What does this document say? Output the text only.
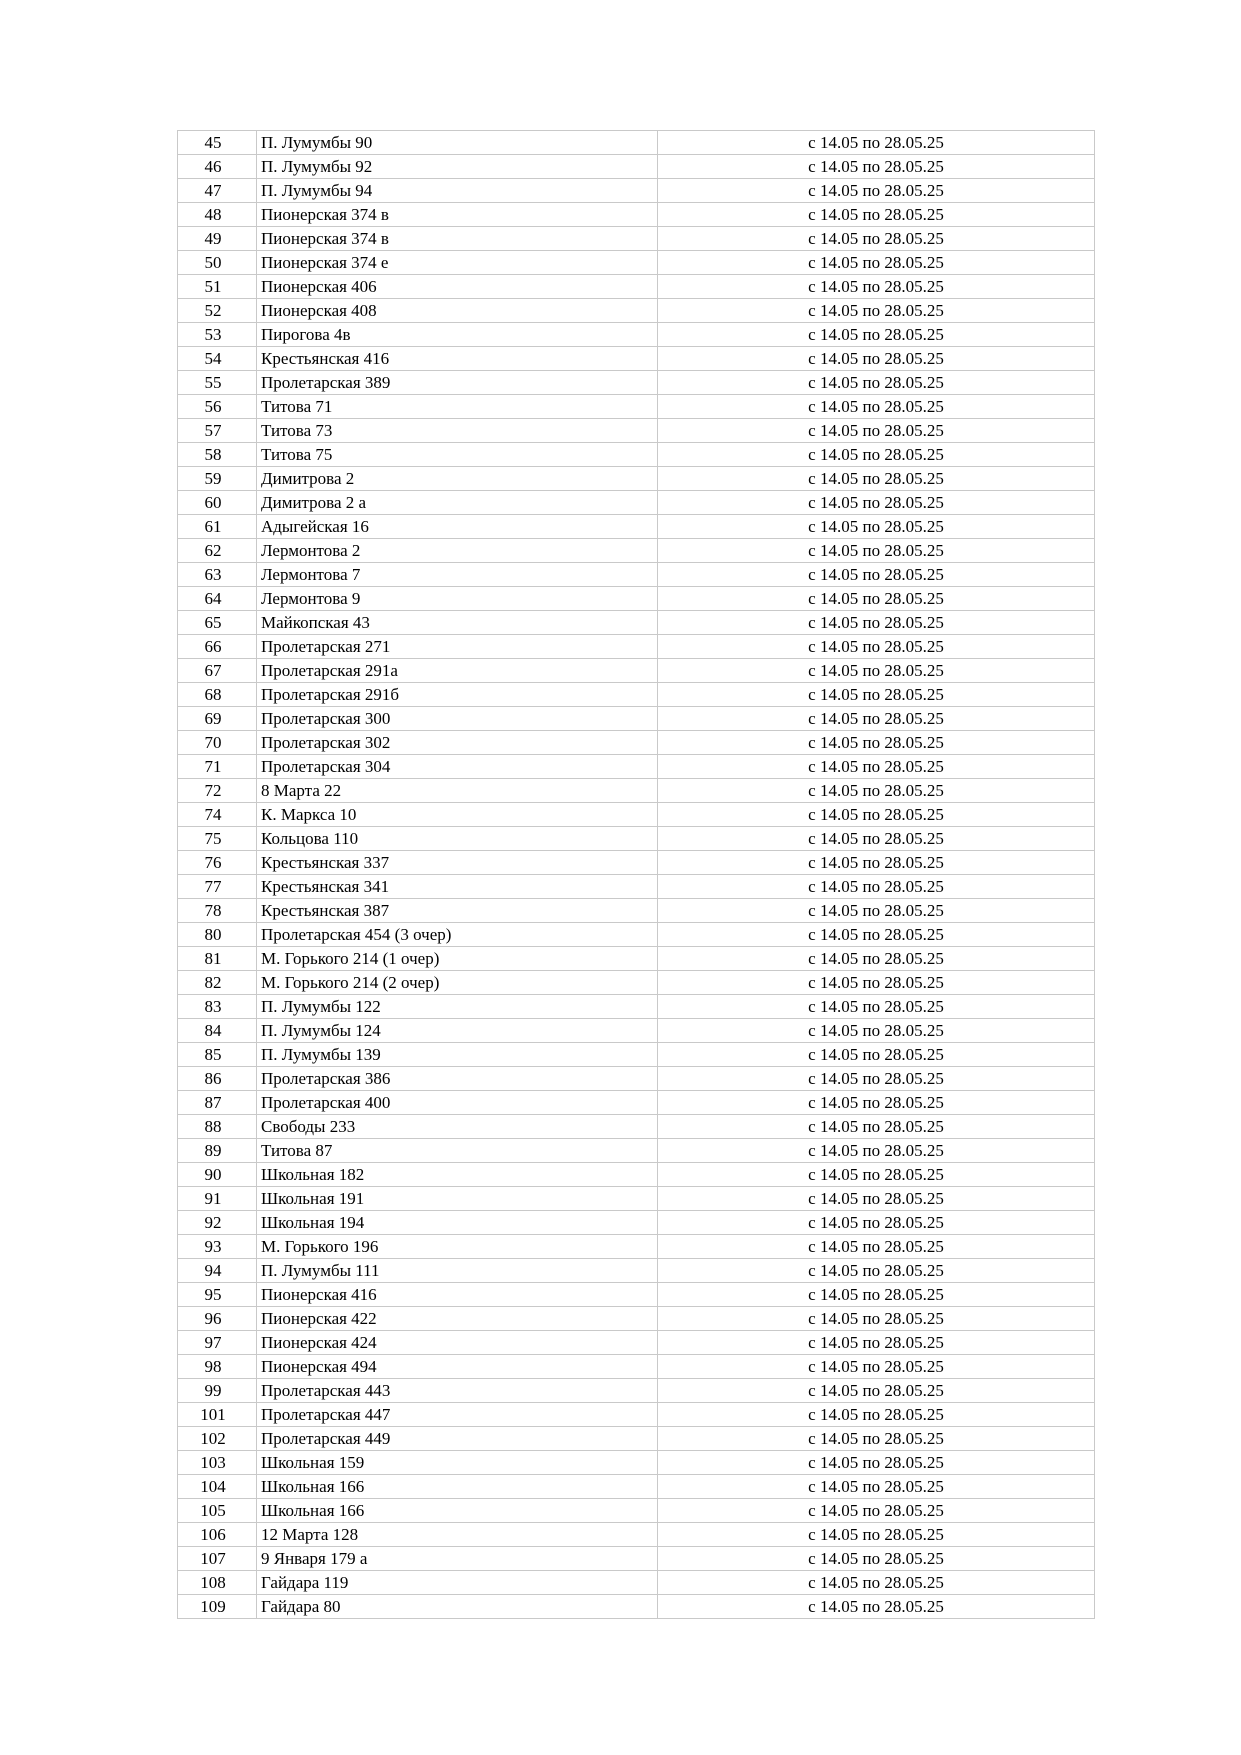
45	П. Лумумбы 90	с 14.05 по 28.05.25
46	П. Лумумбы 92	с 14.05 по 28.05.25
47	П. Лумумбы 94	с 14.05 по 28.05.25
48	Пионерская 374 в	с 14.05 по 28.05.25
49	Пионерская 374 в	с 14.05 по 28.05.25
50	Пионерская 374 е	с 14.05 по 28.05.25
51	Пионерская 406	с 14.05 по 28.05.25
52	Пионерская 408	с 14.05 по 28.05.25
53	Пирогова 4в	с 14.05 по 28.05.25
54	Крестьянская 416	с 14.05 по 28.05.25
55	Пролетарская 389	с 14.05 по 28.05.25
56	Титова 71	с 14.05 по 28.05.25
57	Титова 73	с 14.05 по 28.05.25
58	Титова 75	с 14.05 по 28.05.25
59	Димитрова 2	с 14.05 по 28.05.25
60	Димитрова 2 а	с 14.05 по 28.05.25
61	Адыгейская 16	с 14.05 по 28.05.25
62	Лермонтова 2	с 14.05 по 28.05.25
63	Лермонтова 7	с 14.05 по 28.05.25
64	Лермонтова 9	с 14.05 по 28.05.25
65	Майкопская 43	с 14.05 по 28.05.25
66	Пролетарская 271	с 14.05 по 28.05.25
67	Пролетарская 291а	с 14.05 по 28.05.25
68	Пролетарская 291б	с 14.05 по 28.05.25
69	Пролетарская 300	с 14.05 по 28.05.25
70	Пролетарская 302	с 14.05 по 28.05.25
71	Пролетарская 304	с 14.05 по 28.05.25
72	8 Марта 22	с 14.05 по 28.05.25
74	К. Маркса 10	с 14.05 по 28.05.25
75	Кольцова 110	с 14.05 по 28.05.25
76	Крестьянская 337	с 14.05 по 28.05.25
77	Крестьянская 341	с 14.05 по 28.05.25
78	Крестьянская 387	с 14.05 по 28.05.25
80	Пролетарская 454 (3 очер)	с 14.05 по 28.05.25
81	М. Горького 214 (1 очер)	с 14.05 по 28.05.25
82	М. Горького 214 (2 очер)	с 14.05 по 28.05.25
83	П. Лумумбы 122	с 14.05 по 28.05.25
84	П. Лумумбы 124	с 14.05 по 28.05.25
85	П. Лумумбы 139	с 14.05 по 28.05.25
86	Пролетарская 386	с 14.05 по 28.05.25
87	Пролетарская 400	с 14.05 по 28.05.25
88	Свободы 233	с 14.05 по 28.05.25
89	Титова 87	с 14.05 по 28.05.25
90	Школьная 182	с 14.05 по 28.05.25
91	Школьная 191	с 14.05 по 28.05.25
92	Школьная 194	с 14.05 по 28.05.25
93	М. Горького 196	с 14.05 по 28.05.25
94	П. Лумумбы 111	с 14.05 по 28.05.25
95	Пионерская 416	с 14.05 по 28.05.25
96	Пионерская 422	с 14.05 по 28.05.25
97	Пионерская 424	с 14.05 по 28.05.25
98	Пионерская 494	с 14.05 по 28.05.25
99	Пролетарская 443	с 14.05 по 28.05.25
101	Пролетарская 447	с 14.05 по 28.05.25
102	Пролетарская 449	с 14.05 по 28.05.25
103	Школьная 159	с 14.05 по 28.05.25
104	Школьная 166	с 14.05 по 28.05.25
105	Школьная 166	с 14.05 по 28.05.25
106	12 Марта 128	с 14.05 по 28.05.25
107	9 Января 179 а	с 14.05 по 28.05.25
108	Гайдара 119	с 14.05 по 28.05.25
109	Гайдара 80	с 14.05 по 28.05.25
